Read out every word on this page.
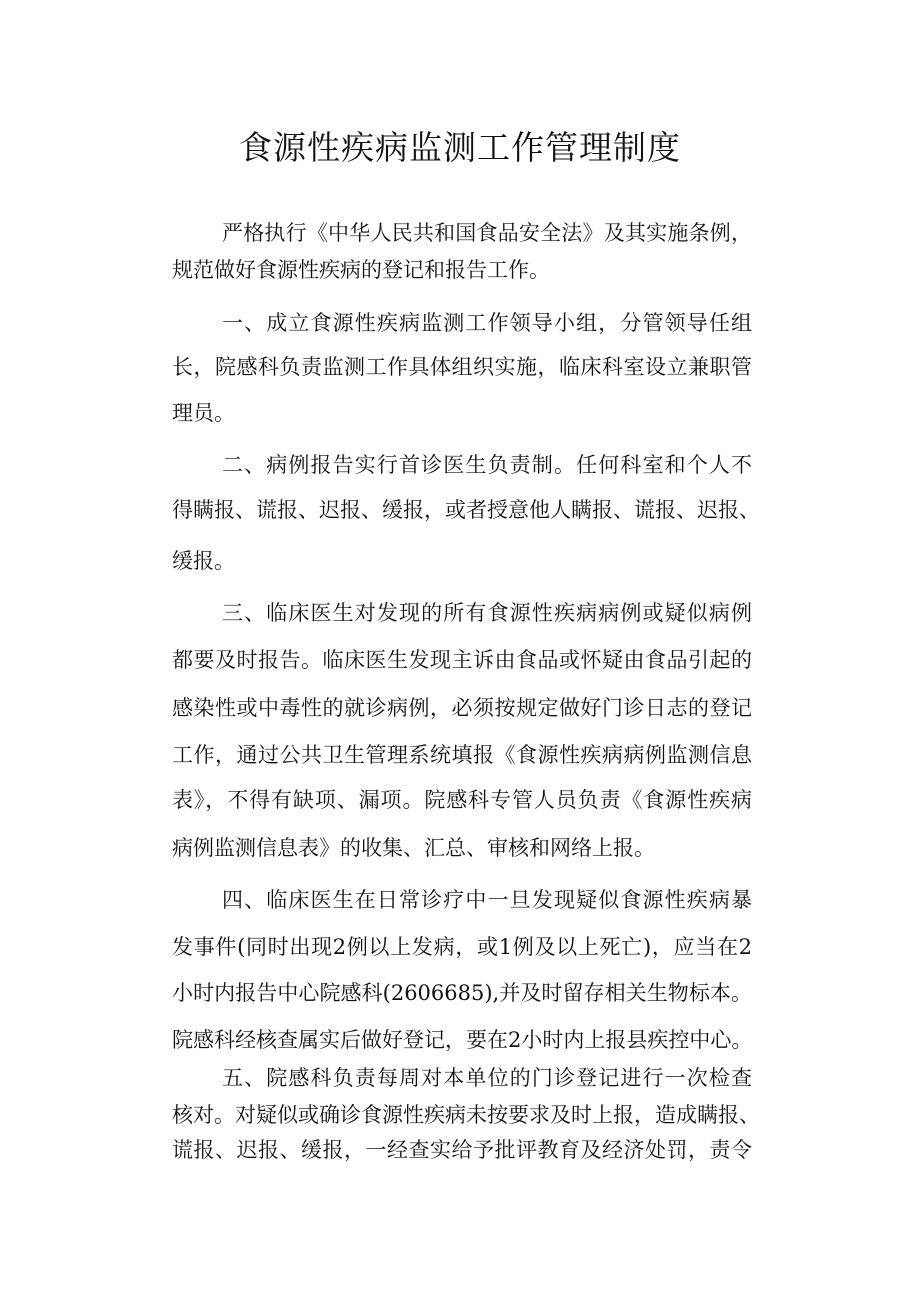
食源性疾病监测工作管理制度
严格执行《中华人民共和国食品安全法》及其实施条例，
规范做好食源性疾病的登记和报告工作。
一、成立食源性疾病监测工作领导小组，分管领导任组
长，院感科负责监测工作具体组织实施，临床科室设立兼职管
理员。
二、病例报告实行首诊医生负责制。任何科室和个人不
得瞒报、谎报、迟报、缓报，或者授意他人瞒报、谎报、迟报、
缓报。
三、临床医生对发现的所有食源性疾病病例或疑似病例
都要及时报告。临床医生发现主诉由食品或怀疑由食品引起的
感染性或中毒性的就诊病例，必须按规定做好门诊日志的登记
工作，通过公共卫生管理系统填报《食源性疾病病例监测信息
表》，不得有缺项、漏项。院感科专管人员负责《食源性疾病
病例监测信息表》的收集、汇总、审核和网络上报。
四、临床医生在日常诊疗中一旦发现疑似食源性疾病暴
发事件(同时出现2例以上发病，或1例及以上死亡)，应当在2
小时内报告中心院感科(2606685),并及时留存相关生物标本。
院感科经核查属实后做好登记，要在2小时内上报县疾控中心。
五、院感科负责每周对本单位的门诊登记进行一次检查
核对。对疑似或确诊食源性疾病未按要求及时上报，造成瞒报、
谎报、迟报、缓报，一经查实给予批评教育及经济处罚，责令
